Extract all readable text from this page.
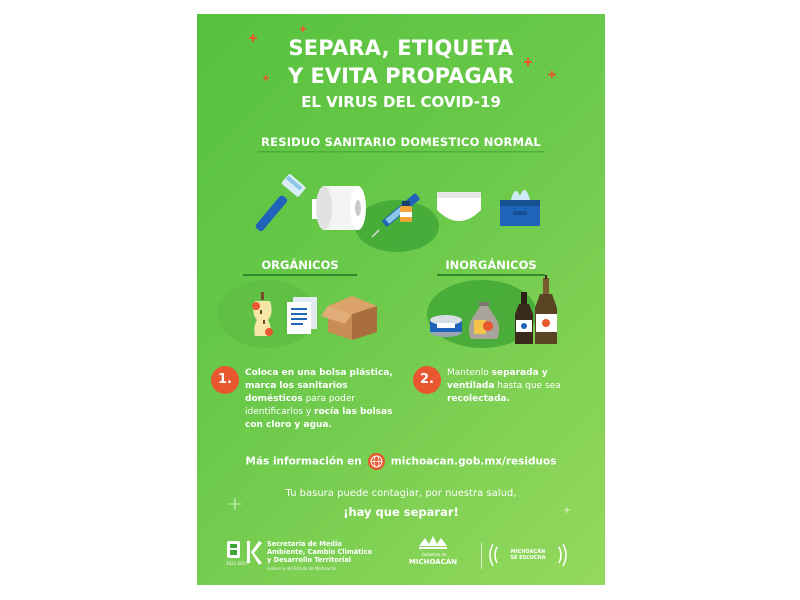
SEPARA, ETIQUETA
Y EVITA PROPAGAR
EL VIRUS DEL COVID-19
RESIDUO SANITARIO DOMESTICO NORMAL
ORGÁNICOS	INORGÁNICOS
1.	Coloca en una bolsa plástica, marca los sanitarios domésticos para poder identificarlos y rocía las bolsas con cloro y agua.
2.	Mantenlo separada y ventilada hasta que sea recolectada.
Más información en	michoacan.gob.mx/residuos
Tu basura puede contagiar, por nuestra salud,
¡hay que separar!
2021-2027
Secretaría de Medio
Ambiente, Cambio Climático
y Desarrollo Territorial
Gobierno del Estado de Michoacán
Gobierno de
MICHOACÁN
MICHOACÁN
SE ESCUCHA
